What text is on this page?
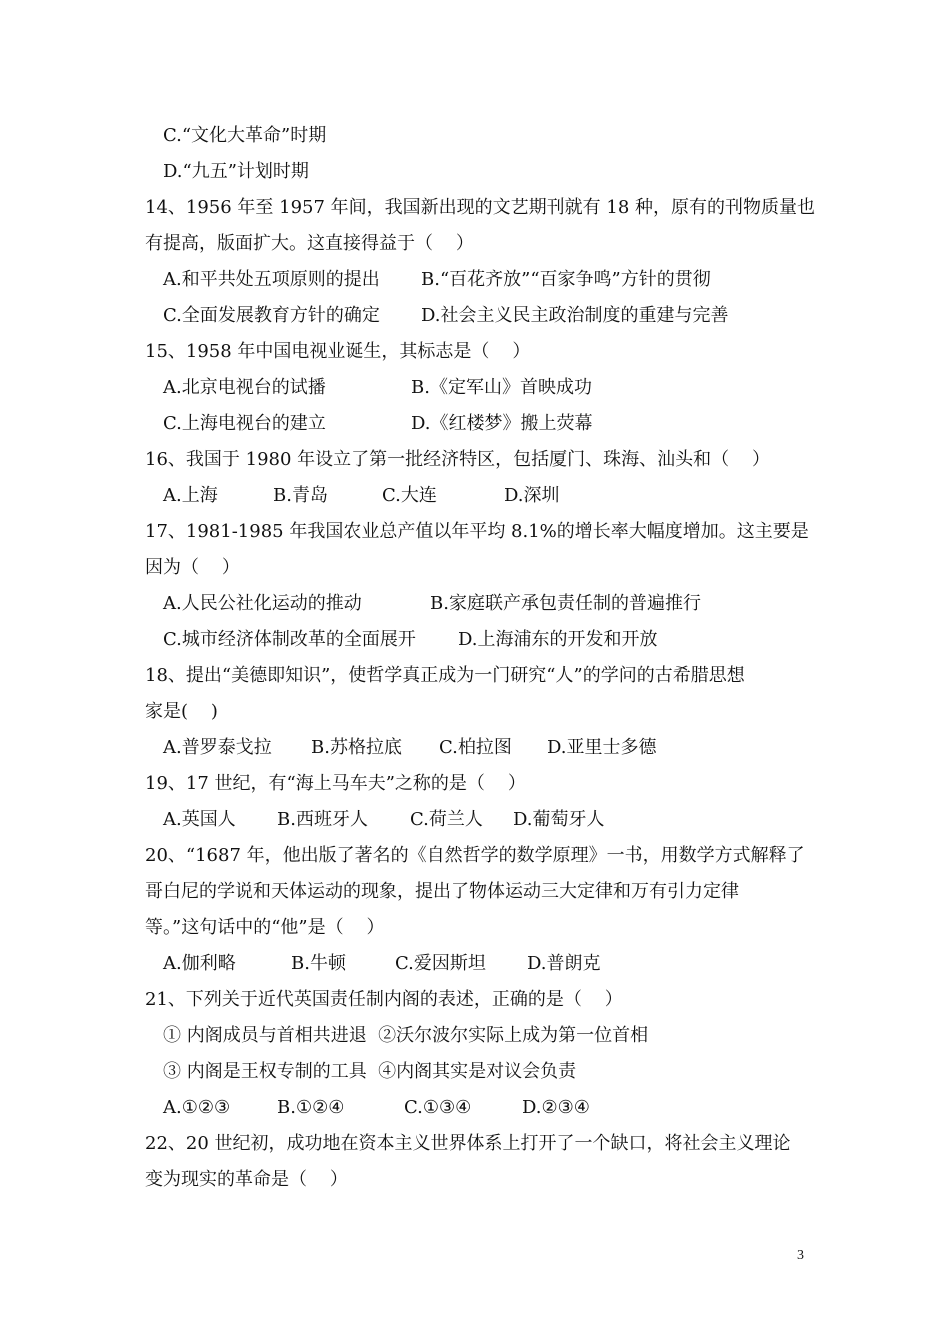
C.“文化大革命”时期

D.“九五”计划时期

14、1956 年至 1957 年间，我国新出现的文艺期刊就有 18 种，原有的刊物质量也
有提高，版面扩大。这直接得益于（    ）

A.和平共处五项原则的提出

B.“百花齐放”“百家争鸣”方针的贯彻

C.全面发展教育方针的确定

D.社会主义民主政治制度的重建与完善

15、1958 年中国电视业诞生，其标志是（    ）

A.北京电视台的试播

	B.《定军山》首映成功

C.上海电视台的建立

	D.《红楼梦》搬上荧幕

16、我国于 1980 年设立了第一批经济特区，包括厦门、珠海、汕头和（    ）

A.上海

	B.青岛

	C.大连

	D.深圳

17、1981-1985 年我国农业总产值以年平均 8.1%的增长率大幅度增加。这主要是
因为（    ）

A.人民公社化运动的推动

	B.家庭联产承包责任制的普遍推行

C.城市经济体制改革的全面展开

D.上海浦东的开发和开放

18、提出“美德即知识”，使哲学真正成为一门研究“人”的学问的古希腊思想
家是(    )

A.普罗泰戈拉

B.苏格拉底

C.柏拉图

D.亚里士多德

19、17 世纪，有“海上马车夫”之称的是（    ）

A.英国人

B.西班牙人

C.荷兰人

D.葡萄牙人

20、“1687 年，他出版了著名的《自然哲学的数学原理》一书，用数学方式解释了
哥白尼的学说和天体运动的现象，提出了物体运动三大定律和万有引力定律
等。”这句话中的“他”是（    ）

A.伽利略

	B.牛顿

	C.爱因斯坦

D.普朗克

21、下列关于近代英国责任制内阁的表述，正确的是（    ）
① 内阁成员与首相共进退  ②沃尔波尔实际上成为第一位首相
③ 内阁是王权专制的工具  ④内阁其实是对议会负责

A.①②③

	B.①②④

	C.①③④

	D.②③④

22、20 世纪初，成功地在资本主义世界体系上打开了一个缺口，将社会主义理论
变为现实的革命是（    ）
3
